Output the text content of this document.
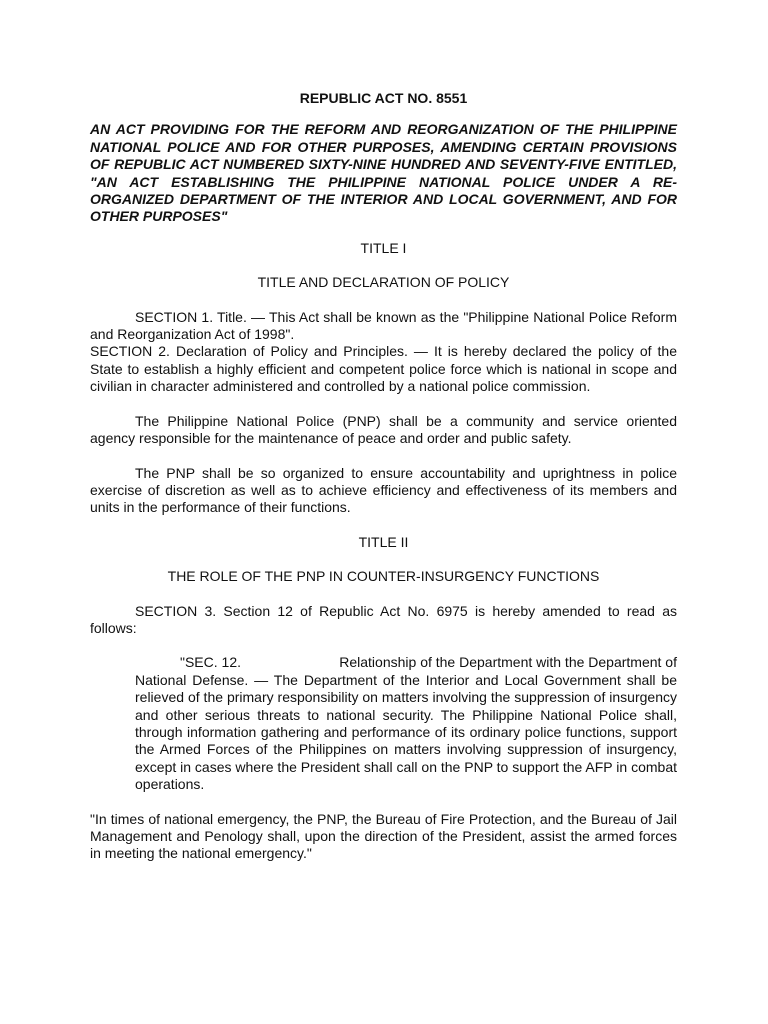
REPUBLIC ACT NO. 8551
AN ACT PROVIDING FOR THE REFORM AND REORGANIZATION OF THE PHILIPPINE NATIONAL POLICE AND FOR OTHER PURPOSES, AMENDING CERTAIN PROVISIONS OF REPUBLIC ACT NUMBERED SIXTY-NINE HUNDRED AND SEVENTY-FIVE ENTITLED, "AN ACT ESTABLISHING THE PHILIPPINE NATIONAL POLICE UNDER A RE-ORGANIZED DEPARTMENT OF THE INTERIOR AND LOCAL GOVERNMENT, AND FOR OTHER PURPOSES"
TITLE I
TITLE AND DECLARATION OF POLICY

SECTION 1. Title. — This Act shall be known as the "Philippine National Police Reform and Reorganization Act of 1998".

SECTION 2. Declaration of Policy and Principles. — It is hereby declared the policy of the State to establish a highly efficient and competent police force which is national in scope and civilian in character administered and controlled by a national police commission.

The Philippine National Police (PNP) shall be a community and service oriented agency responsible for the maintenance of peace and order and public safety.

The PNP shall be so organized to ensure accountability and uprightness in police exercise of discretion as well as to achieve efficiency and effectiveness of its members and units in the performance of their functions.

TITLE II
THE ROLE OF THE PNP IN COUNTER-INSURGENCY FUNCTIONS

SECTION 3. Section 12 of Republic Act No. 6975 is hereby amended to read as follows:

"SEC. 12.	Relationship of the Department with the Department of
National Defense. — The Department of the Interior and Local Government shall be relieved of the primary responsibility on matters involving the suppression of insurgency and other serious threats to national security. The Philippine National Police shall, through information gathering and performance of its ordinary police functions, support the Armed Forces of the Philippines on matters involving suppression of insurgency, except in cases where the President shall call on the PNP to support the AFP in combat operations.

"In times of national emergency, the PNP, the Bureau of Fire Protection, and the Bureau of Jail Management and Penology shall, upon the direction of the President, assist the armed forces in meeting the national emergency."
